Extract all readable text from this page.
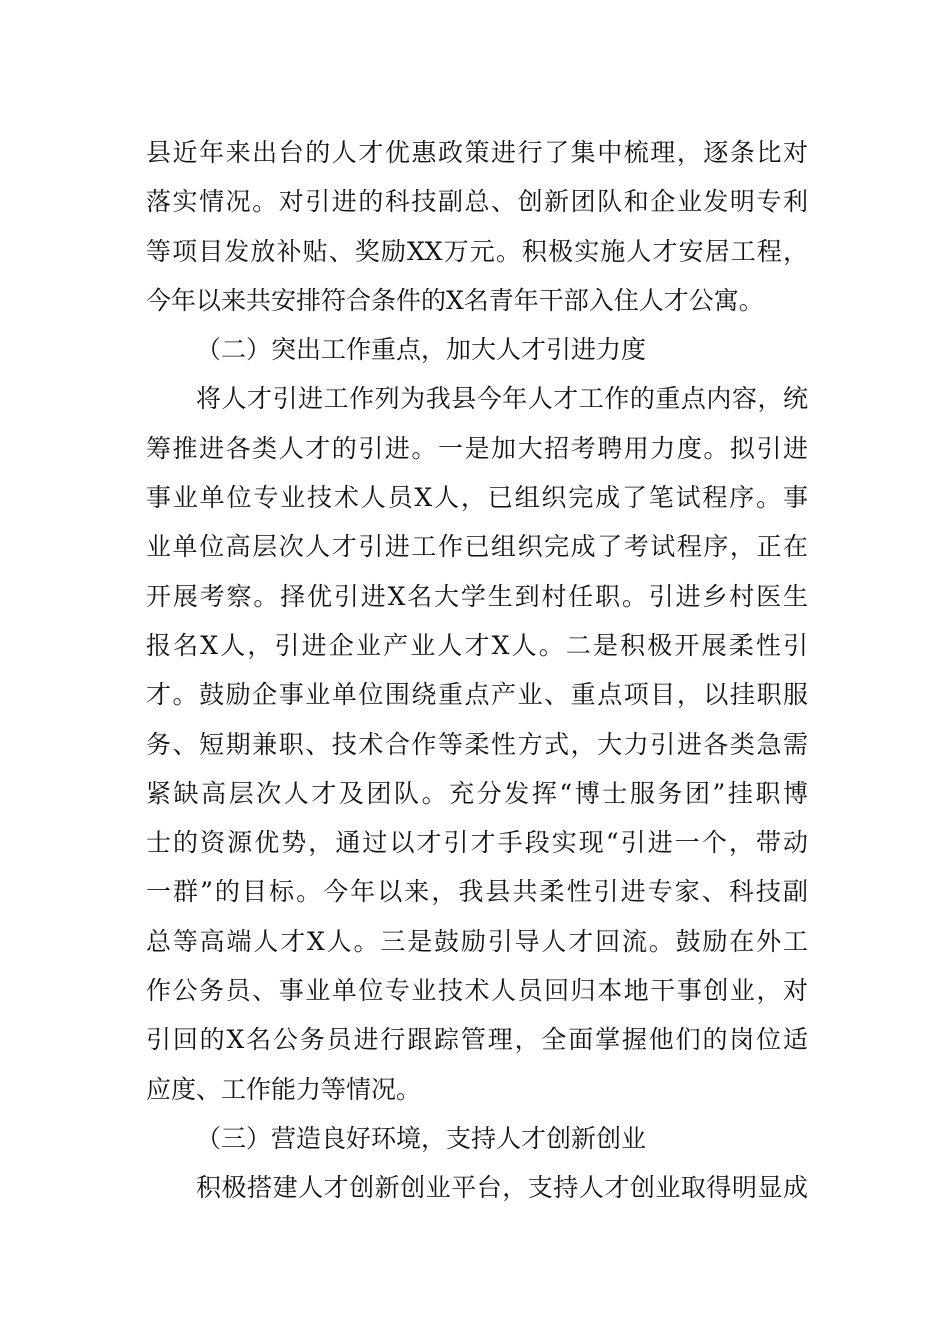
县近年来出台的人才优惠政策进行了集中梳理，逐条比对
落实情况。对引进的科技副总、创新团队和企业发明专利
等项目发放补贴、奖励XX万元。积极实施人才安居工程，
今年以来共安排符合条件的X名青年干部入住人才公寓。
（二）突出工作重点，加大人才引进力度
将人才引进工作列为我县今年人才工作的重点内容，统
筹推进各类人才的引进。一是加大招考聘用力度。拟引进
事业单位专业技术人员X人，已组织完成了笔试程序。事
业单位高层次人才引进工作已组织完成了考试程序，正在
开展考察。择优引进X名大学生到村任职。引进乡村医生
报名X人，引进企业产业人才X人。二是积极开展柔性引
才。鼓励企事业单位围绕重点产业、重点项目，以挂职服
务、短期兼职、技术合作等柔性方式，大力引进各类急需
紧缺高层次人才及团队。充分发挥“博士服务团”挂职博
士的资源优势，通过以才引才手段实现“引进一个，带动
一群”的目标。今年以来，我县共柔性引进专家、科技副
总等高端人才X人。三是鼓励引导人才回流。鼓励在外工
作公务员、事业单位专业技术人员回归本地干事创业，对
引回的X名公务员进行跟踪管理，全面掌握他们的岗位适
应度、工作能力等情况。
（三）营造良好环境，支持人才创新创业
积极搭建人才创新创业平台，支持人才创业取得明显成
